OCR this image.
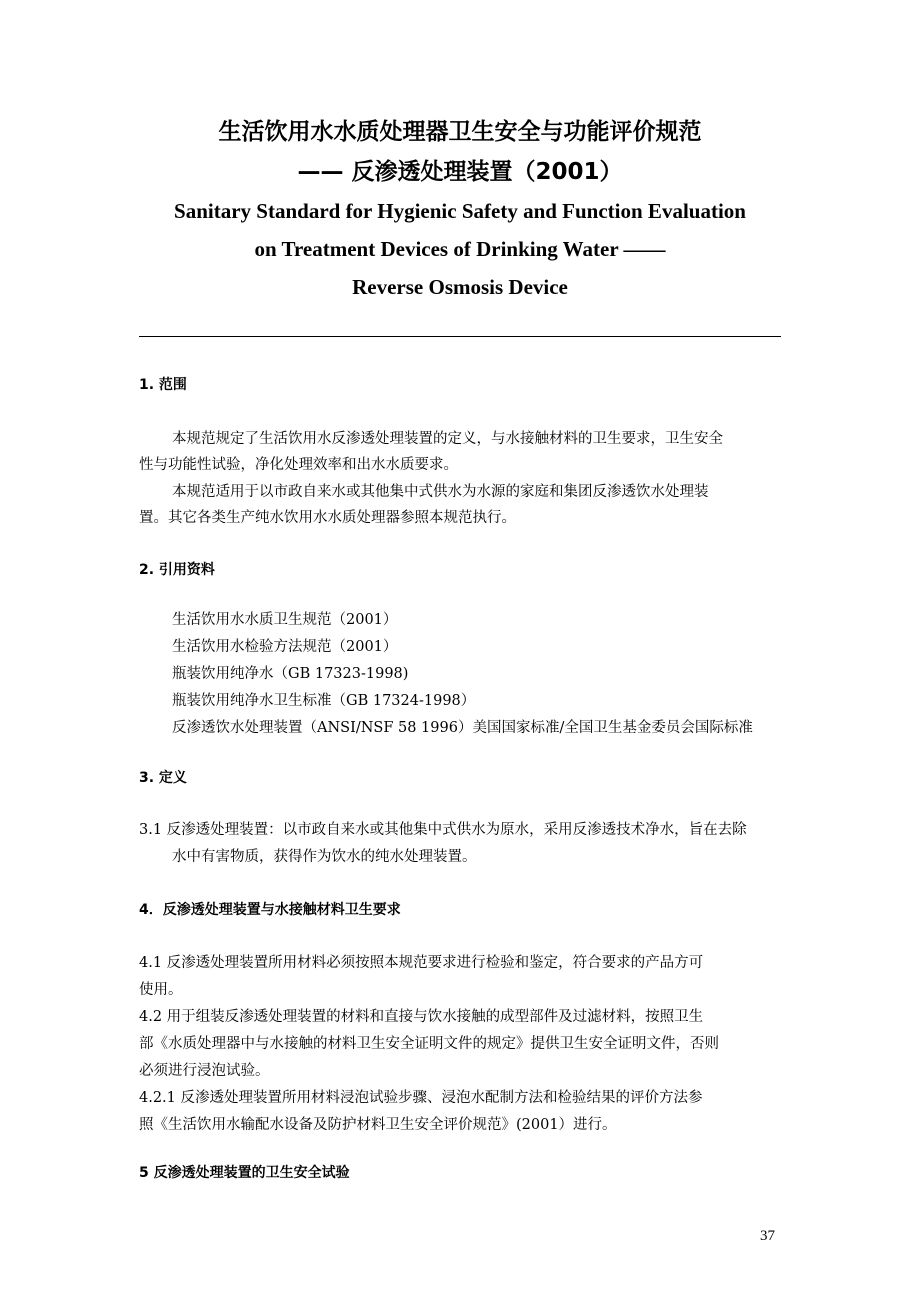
生活饮用水水质处理器卫生安全与功能评价规范
—— 反渗透处理装置（2001）
Sanitary Standard for Hygienic Safety and Function Evaluation
on Treatment Devices of Drinking Water ——
Reverse Osmosis Device
1. 范围
本规范规定了生活饮用水反渗透处理装置的定义，与水接触材料的卫生要求，卫生安全
性与功能性试验，净化处理效率和出水水质要求。
本规范适用于以市政自来水或其他集中式供水为水源的家庭和集团反渗透饮水处理装
置。其它各类生产纯水饮用水水质处理器参照本规范执行。
2. 引用资料
生活饮用水水质卫生规范（2001）
生活饮用水检验方法规范（2001）
瓶装饮用纯净水（GB 17323-1998)
瓶装饮用纯净水卫生标准（GB 17324-1998）
反渗透饮水处理装置（ANSI/NSF 58 1996）美国国家标准/全国卫生基金委员会国际标准
3. 定义
3.1 反渗透处理装置：以市政自来水或其他集中式供水为原水，采用反渗透技术净水，旨在去除
水中有害物质，获得作为饮水的纯水处理装置。
4．反渗透处理装置与水接触材料卫生要求
4.1 反渗透处理装置所用材料必须按照本规范要求进行检验和鉴定，符合要求的产品方可
使用。
4.2 用于组装反渗透处理装置的材料和直接与饮水接触的成型部件及过滤材料，按照卫生
部《水质处理器中与水接触的材料卫生安全证明文件的规定》提供卫生安全证明文件，否则
必须进行浸泡试验。
4.2.1 反渗透处理装置所用材料浸泡试验步骤、浸泡水配制方法和检验结果的评价方法参
照《生活饮用水输配水设备及防护材料卫生安全评价规范》(2001）进行。
5 反渗透处理装置的卫生安全试验
37
